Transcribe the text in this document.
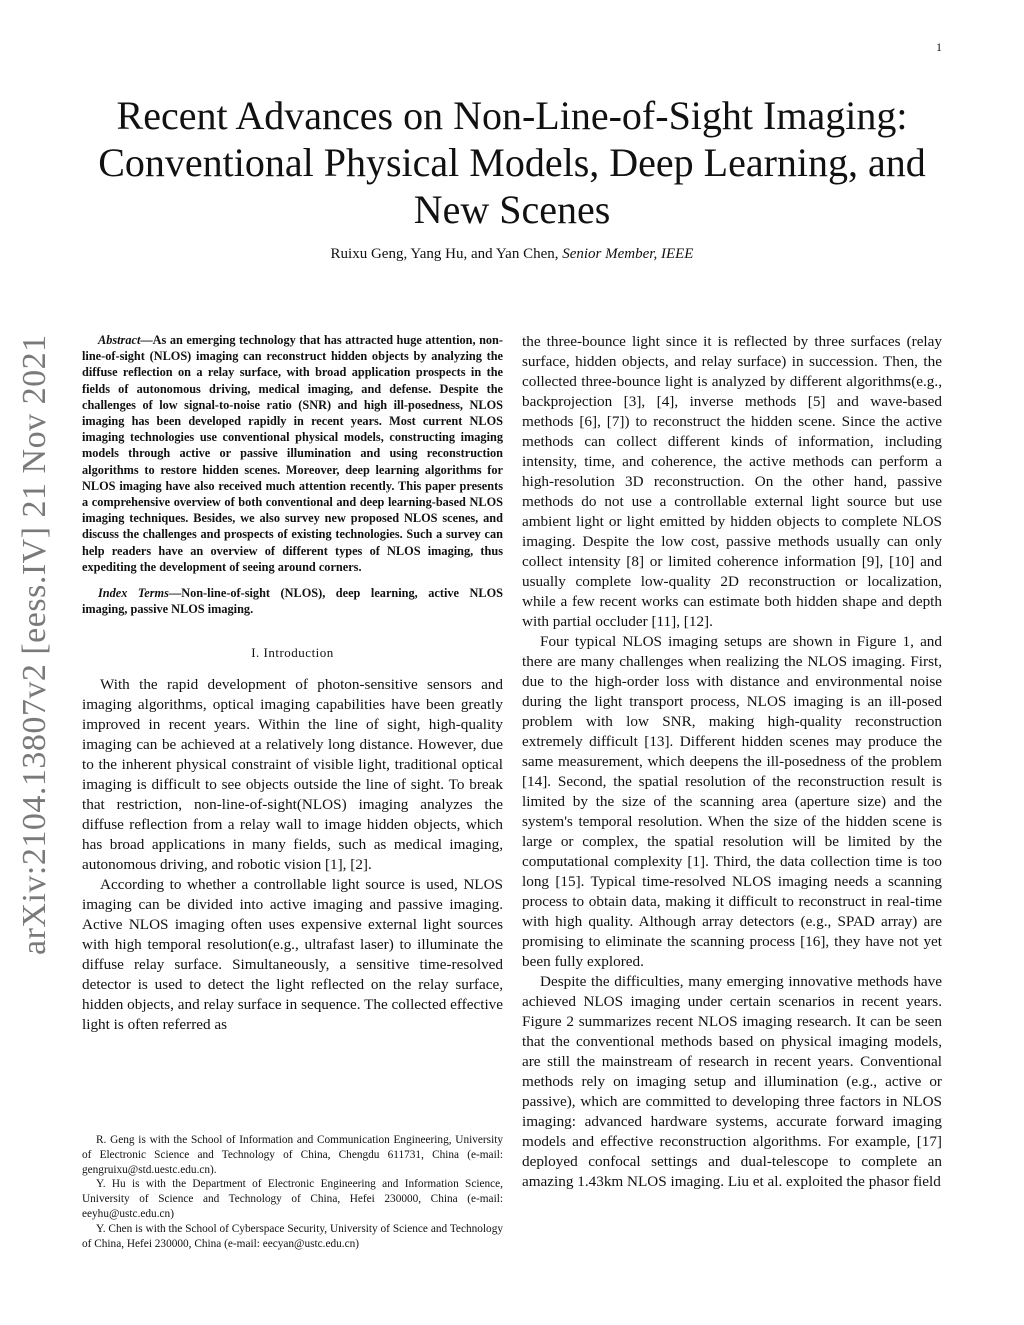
1
arXiv:2104.13807v2 [eess.IV] 21 Nov 2021
Recent Advances on Non-Line-of-Sight Imaging: Conventional Physical Models, Deep Learning, and New Scenes
Ruixu Geng, Yang Hu, and Yan Chen, Senior Member, IEEE

Abstract—As an emerging technology that has attracted huge attention, non-line-of-sight (NLOS) imaging can reconstruct hidden objects by analyzing the diffuse reflection on a relay surface, with broad application prospects in the fields of autonomous driving, medical imaging, and defense. Despite the challenges of low signal-to-noise ratio (SNR) and high ill-posedness, NLOS imaging has been developed rapidly in recent years. Most current NLOS imaging technologies use conventional physical models, constructing imaging models through active or passive illumination and using reconstruction algorithms to restore hidden scenes. Moreover, deep learning algorithms for NLOS imaging have also received much attention recently. This paper presents a comprehensive overview of both conventional and deep learning-based NLOS imaging techniques. Besides, we also survey new proposed NLOS scenes, and discuss the challenges and prospects of existing technologies. Such a survey can help readers have an overview of different types of NLOS imaging, thus expediting the development of seeing around corners.

Index Terms—Non-line-of-sight (NLOS), deep learning, active NLOS imaging, passive NLOS imaging.

I. Introduction

With the rapid development of photon-sensitive sensors and imaging algorithms, optical imaging capabilities have been greatly improved in recent years. Within the line of sight, high-quality imaging can be achieved at a relatively long distance. However, due to the inherent physical constraint of visible light, traditional optical imaging is difficult to see objects outside the line of sight. To break that restriction, non-line-of-sight(NLOS) imaging analyzes the diffuse reflection from a relay wall to image hidden objects, which has broad applications in many fields, such as medical imaging, autonomous driving, and robotic vision [1], [2].

According to whether a controllable light source is used, NLOS imaging can be divided into active imaging and passive imaging. Active NLOS imaging often uses expensive external light sources with high temporal resolution(e.g., ultrafast laser) to illuminate the diffuse relay surface. Simultaneously, a sensitive time-resolved detector is used to detect the light reflected on the relay surface, hidden objects, and relay surface in sequence. The collected effective light is often referred as

R. Geng is with the School of Information and Communication Engineering, University of Electronic Science and Technology of China, Chengdu 611731, China (e-mail: gengruixu@std.uestc.edu.cn).

Y. Hu is with the Department of Electronic Engineering and Information Science, University of Science and Technology of China, Hefei 230000, China (e-mail: eeyhu@ustc.edu.cn)

Y. Chen is with the School of Cyberspace Security, University of Science and Technology of China, Hefei 230000, China (e-mail: eecyan@ustc.edu.cn)

the three-bounce light since it is reflected by three surfaces (relay surface, hidden objects, and relay surface) in succession. Then, the collected three-bounce light is analyzed by different algorithms(e.g., backprojection [3], [4], inverse methods [5] and wave-based methods [6], [7]) to reconstruct the hidden scene. Since the active methods can collect different kinds of information, including intensity, time, and coherence, the active methods can perform a high-resolution 3D reconstruction. On the other hand, passive methods do not use a controllable external light source but use ambient light or light emitted by hidden objects to complete NLOS imaging. Despite the low cost, passive methods usually can only collect intensity [8] or limited coherence information [9], [10] and usually complete low-quality 2D reconstruction or localization, while a few recent works can estimate both hidden shape and depth with partial occluder [11], [12].

Four typical NLOS imaging setups are shown in Figure 1, and there are many challenges when realizing the NLOS imaging. First, due to the high-order loss with distance and environmental noise during the light transport process, NLOS imaging is an ill-posed problem with low SNR, making high-quality reconstruction extremely difficult [13]. Different hidden scenes may produce the same measurement, which deepens the ill-posedness of the problem [14]. Second, the spatial resolution of the reconstruction result is limited by the size of the scanning area (aperture size) and the system's temporal resolution. When the size of the hidden scene is large or complex, the spatial resolution will be limited by the computational complexity [1]. Third, the data collection time is too long [15]. Typical time-resolved NLOS imaging needs a scanning process to obtain data, making it difficult to reconstruct in real-time with high quality. Although array detectors (e.g., SPAD array) are promising to eliminate the scanning process [16], they have not yet been fully explored.

Despite the difficulties, many emerging innovative methods have achieved NLOS imaging under certain scenarios in recent years. Figure 2 summarizes recent NLOS imaging research. It can be seen that the conventional methods based on physical imaging models, are still the mainstream of research in recent years. Conventional methods rely on imaging setup and illumination (e.g., active or passive), which are committed to developing three factors in NLOS imaging: advanced hardware systems, accurate forward imaging models and effective reconstruction algorithms. For example, [17] deployed confocal settings and dual-telescope to complete an amazing 1.43km NLOS imaging. Liu et al. exploited the phasor field
